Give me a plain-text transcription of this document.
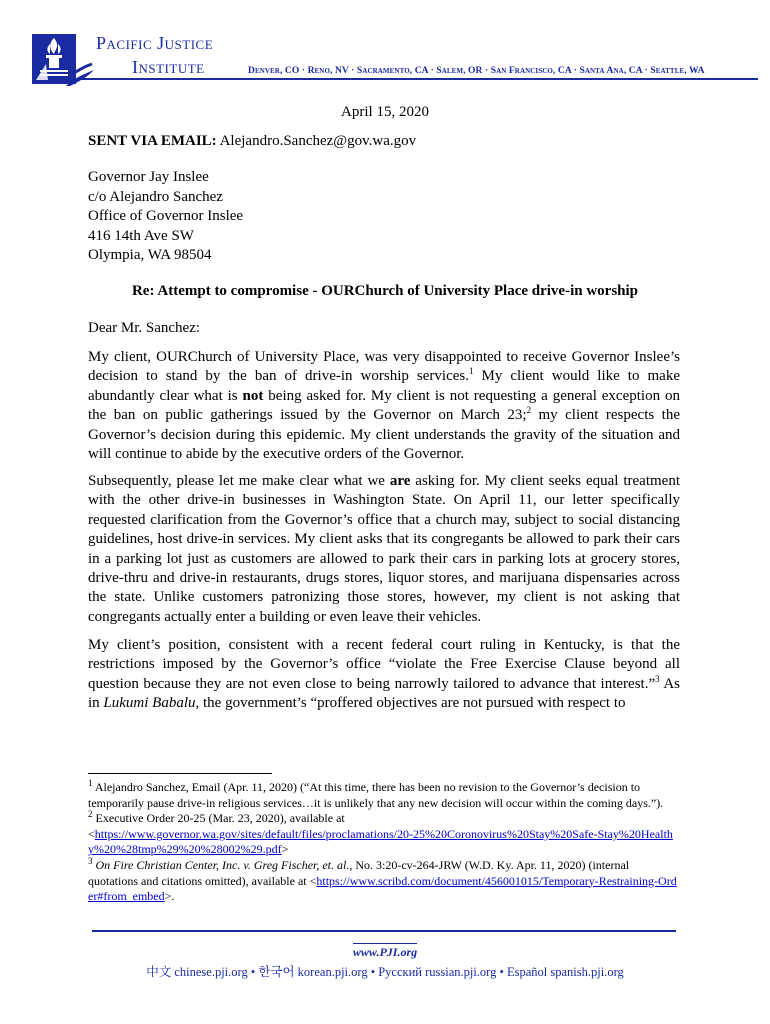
Pacific Justice
Institute	Denver, CO · Reno, NV · Sacramento, CA · Salem, OR · San Francisco, CA · Santa Ana, CA · Seattle, WA
April 15, 2020
SENT VIA EMAIL: Alejandro.Sanchez@gov.wa.gov
Governor Jay Inslee
c/o Alejandro Sanchez
Office of Governor Inslee
416 14th Ave SW
Olympia, WA 98504
Re: Attempt to compromise - OURChurch of University Place drive-in worship
Dear Mr. Sanchez:
My client, OURChurch of University Place, was very disappointed to receive Governor Inslee’s decision to stand by the ban of drive-in worship services.$^1$ My client would like to make abundantly clear what is not being asked for. My client is not requesting a general exception on the ban on public gatherings issued by the Governor on March 23;$^2$ my client respects the Governor’s decision during this epidemic. My client understands the gravity of the situation and will continue to abide by the executive orders of the Governor.
Subsequently, please let me make clear what we are asking for. My client seeks equal treatment with the other drive-in businesses in Washington State. On April 11, our letter specifically requested clarification from the Governor’s office that a church may, subject to social distancing guidelines, host drive-in services. My client asks that its congregants be allowed to park their cars in a parking lot just as customers are allowed to park their cars in parking lots at grocery stores, drive-thru and drive-in restaurants, drugs stores, liquor stores, and marijuana dispensaries across the state. Unlike customers patronizing those stores, however, my client is not asking that congregants actually enter a building or even leave their vehicles.
My client’s position, consistent with a recent federal court ruling in Kentucky, is that the restrictions imposed by the Governor’s office “violate the Free Exercise Clause beyond all question because they are not even close to being narrowly tailored to advance that interest.”$^3$ As in Lukumi Babalu, the government’s “proffered objectives are not pursued with respect to
$^1$ Alejandro Sanchez, Email (Apr. 11, 2020) (“At this time, there has been no revision to the Governor’s decision to temporarily pause drive-in religious services…it is unlikely that any new decision will occur within the coming days.”).
$^2$ Executive Order 20-25 (Mar. 23, 2020), available at
<https://www.governor.wa.gov/sites/default/files/proclamations/20-25%20Coronovirus%20Stay%20Safe-Stay%20Healthy%20%28tmp%29%20%28002%29.pdf>
$^3$ On Fire Christian Center, Inc. v. Greg Fischer, et. al., No. 3:20-cv-264-JRW (W.D. Ky. Apr. 11, 2020) (internal quotations and citations omitted), available at <https://www.scribd.com/document/456001015/Temporary-Restraining-Order#from_embed>.
www.PJI.org
中文 chinese.pji.org • 한국어 korean.pji.org • Русский russian.pji.org • Español spanish.pji.org
